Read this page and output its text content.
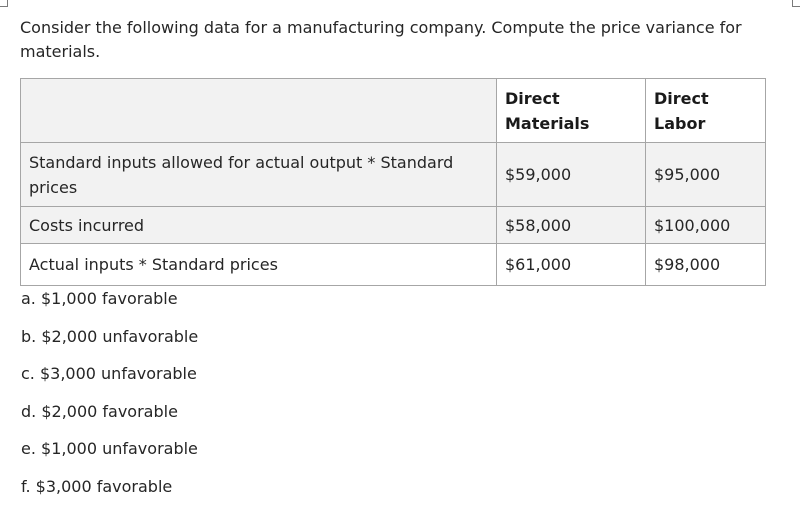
Consider the following data for a manufacturing company. Compute the price variance for materials.
	Direct Materials	Direct Labor
Standard inputs allowed for actual output * Standard prices	$59,000	$95,000
Costs incurred	$58,000	$100,000
Actual inputs * Standard prices	$61,000	$98,000
a. $1,000 favorable
b. $2,000 unfavorable
c. $3,000 unfavorable
d. $2,000 favorable
e. $1,000 unfavorable
f. $3,000 favorable
